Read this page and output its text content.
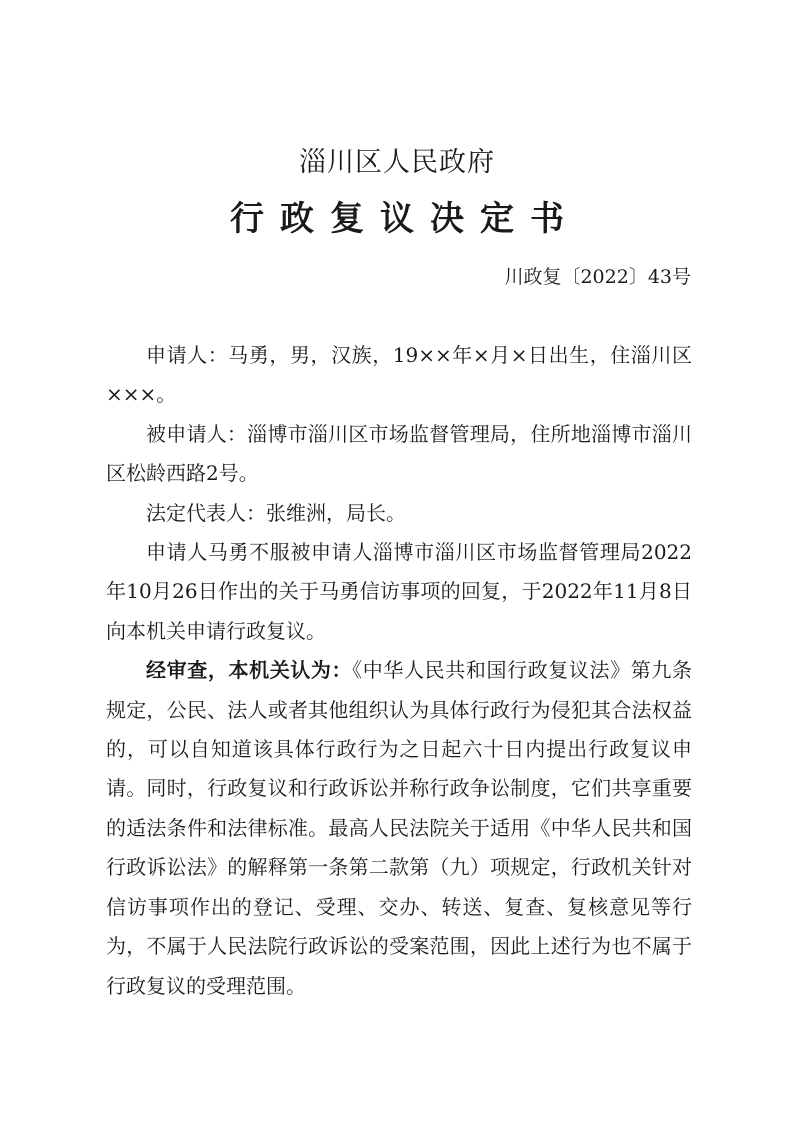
淄川区人民政府
行政复议决定书
川政复〔2022〕43号

申请人：马勇，男，汉族，19××年×月×日出生，住淄川区×××。

被申请人：淄博市淄川区市场监督管理局，住所地淄博市淄川区松龄西路2号。

法定代表人：张维洲，局长。

申请人马勇不服被申请人淄博市淄川区市场监督管理局2022年10月26日作出的关于马勇信访事项的回复，于2022年11月8日向本机关申请行政复议。

经审查，本机关认为：《中华人民共和国行政复议法》第九条规定，公民、法人或者其他组织认为具体行政行为侵犯其合法权益的，可以自知道该具体行政行为之日起六十日内提出行政复议申请。同时，行政复议和行政诉讼并称行政争讼制度，它们共享重要的适法条件和法律标准。最高人民法院关于适用《中华人民共和国行政诉讼法》的解释第一条第二款第（九）项规定，行政机关针对信访事项作出的登记、受理、交办、转送、复查、复核意见等行为，不属于人民法院行政诉讼的受案范围，因此上述行为也不属于行政复议的受理范围。
